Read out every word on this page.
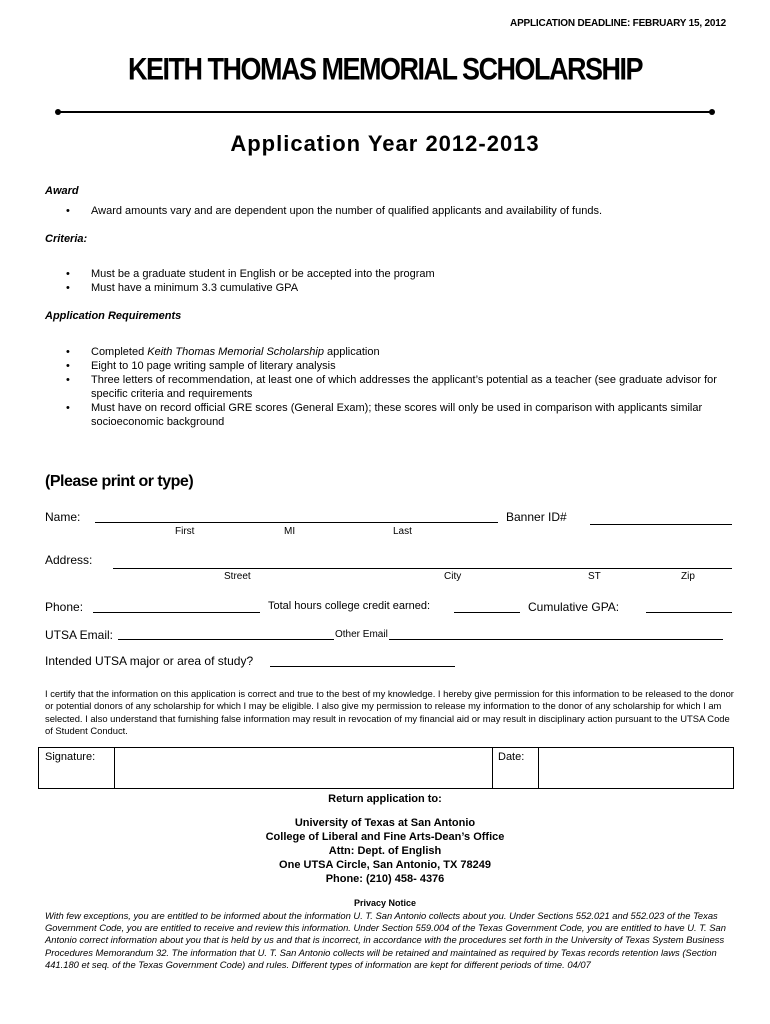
APPLICATION DEADLINE: FEBRUARY 15, 2012
KEITH THOMAS MEMORIAL SCHOLARSHIP
Application Year 2012-2013
Award
• Award amounts vary and are dependent upon the number of qualified applicants and availability of funds.
Criteria:
• Must be a graduate student in English or be accepted into the program
• Must have a minimum 3.3 cumulative GPA
Application Requirements
• Completed Keith Thomas Memorial Scholarship application
• Eight to 10 page writing sample of literary analysis
• Three letters of recommendation, at least one of which addresses the applicant’s potential as a teacher (see graduate advisor for specific criteria and requirements
• Must have on record official GRE scores (General Exam); these scores will only be used in comparison with applicants similar socioeconomic background
(Please print or type)
Name:
First	MI	Last
Banner ID#
Address:
Street	City	ST	Zip
Phone:	Total hours college credit earned:	Cumulative GPA:
UTSA Email:	Other Email
Intended UTSA major or area of study?
I certify that the information on this application is correct and true to the best of my knowledge. I hereby give permission for this information to be released to the donor or potential donors of any scholarship for which I may be eligible. I also give my permission to release my information to the donor of any scholarship for which I am selected. I also understand that furnishing false information may result in revocation of my financial aid or may result in disciplinary action pursuant to the UTSA Code of Student Conduct.
Signature:	Date:
Return application to:
University of Texas at San Antonio
College of Liberal and Fine Arts-Dean’s Office
Attn: Dept. of English
One UTSA Circle, San Antonio, TX 78249
Phone: (210) 458- 4376
Privacy Notice
With few exceptions, you are entitled to be informed about the information U. T. San Antonio collects about you. Under Sections 552.021 and 552.023 of the Texas Government Code, you are entitled to receive and review this information. Under Section 559.004 of the Texas Government Code, you are entitled to have U. T. San Antonio correct information about you that is held by us and that is incorrect, in accordance with the procedures set forth in the University of Texas System Business Procedures Memorandum 32. The information that U. T. San Antonio collects will be retained and maintained as required by Texas records retention laws (Section 441.180 et seq. of the Texas Government Code) and rules. Different types of information are kept for different periods of time. 04/07
